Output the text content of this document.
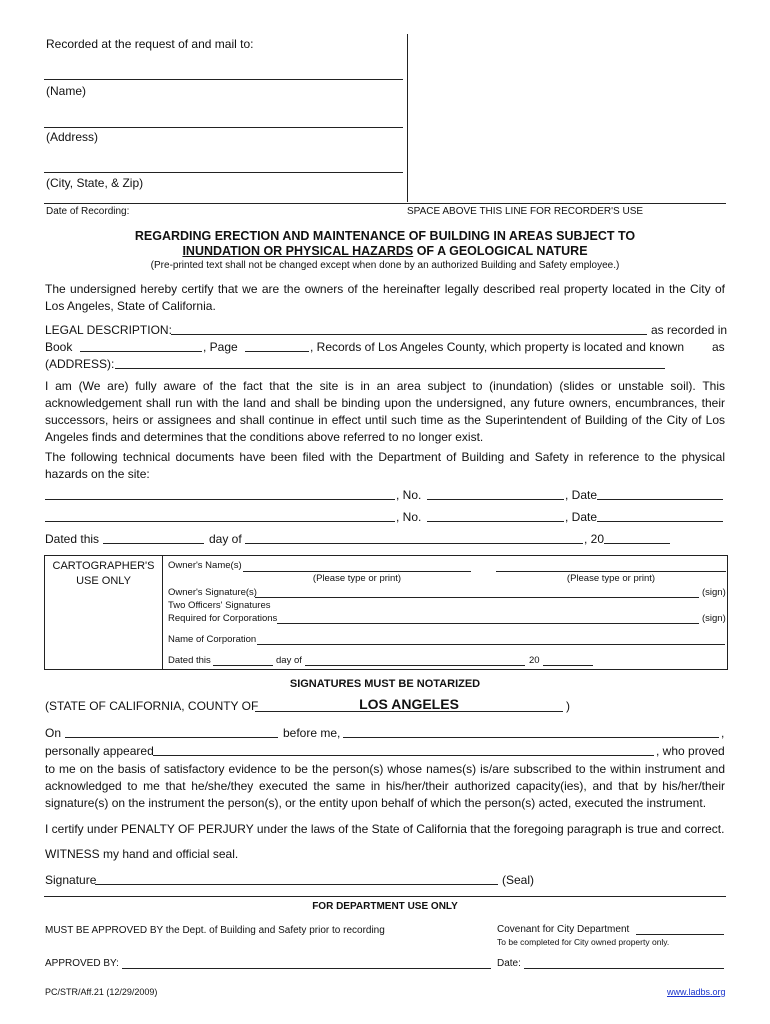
Recorded at the request of and mail to:
(Name)
(Address)
(City, State, & Zip)
Date of Recording:	SPACE ABOVE THIS LINE FOR RECORDER'S USE
REGARDING ERECTION AND MAINTENANCE OF BUILDING IN AREAS SUBJECT TO
INUNDATION OR PHYSICAL HAZARDS OF A GEOLOGICAL NATURE
(Pre-printed text shall not be changed except when done by an authorized Building and Safety employee.)
The undersigned hereby certify that we are the owners of the hereinafter legally described real property located in the City of Los Angeles, State of California.
LEGAL DESCRIPTION:	as recorded in
Book	, Page	, Records of Los Angeles County, which property is located and known as
(ADDRESS):
I am (We are) fully aware of the fact that the site is in an area subject to (inundation) (slides or unstable soil). This acknowledgement shall run with the land and shall be binding upon the undersigned, any future owners, encumbrances, their successors, heirs or assignees and shall continue in effect until such time as the Superintendent of Building of the City of Los Angeles finds and determines that the conditions above referred to no longer exist.
The following technical documents have been filed with the Department of Building and Safety in reference to the physical hazards on the site:
, No.	, Date
, No.	, Date
Dated this	day of	, 20
CARTOGRAPHER'S
USE ONLY
Owner's Name(s)
(Please type or print)	(Please type or print)
Owner's Signature(s)	(sign)
Two Officers' Signatures
Required for Corporations	(sign)
Name of Corporation
Dated this	day of	20
SIGNATURES MUST BE NOTARIZED
(STATE OF CALIFORNIA, COUNTY OF	LOS ANGELES	)
On	before me,	,
personally appeared	, who proved
to me on the basis of satisfactory evidence to be the person(s) whose names(s) is/are subscribed to the within instrument and acknowledged to me that he/she/they executed the same in his/her/their authorized capacity(ies), and that by his/her/their signature(s) on the instrument the person(s), or the entity upon behalf of which the person(s) acted, executed the instrument.
I certify under PENALTY OF PERJURY under the laws of the State of California that the foregoing paragraph is true and correct.
WITNESS my hand and official seal.
Signature	(Seal)
FOR DEPARTMENT USE ONLY
MUST BE APPROVED BY the Dept. of Building and Safety prior to recording	Covenant for City Department
To be completed for City owned property only.
APPROVED BY:	Date:
PC/STR/Aff.21 (12/29/2009)	www.ladbs.org
